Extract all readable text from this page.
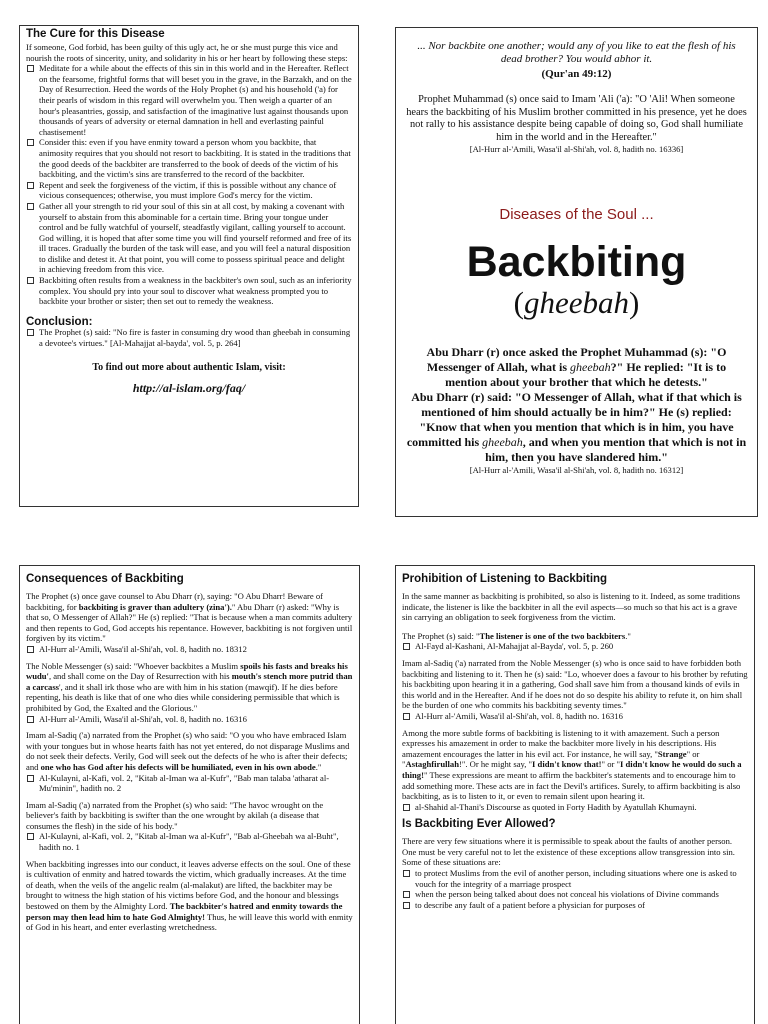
The Cure for this Disease

If someone, God forbid, has been guilty of this ugly act, he or she must purge this vice and nourish the roots of sincerity, unity, and solidarity in his or her heart by following these steps:

Meditate for a while about the effects of this sin in this world and in the Hereafter. Reflect on the fearsome, frightful forms that will beset you in the grave, in the Barzakh, and on the Day of Resurrection. Heed the words of the Holy Prophet (s) and his household ('a) for their pearls of wisdom in this regard will overwhelm you. Then weigh a quarter of an hour's pleasantries, gossip, and satisfaction of the imaginative lust against thousands upon thousands of years of adversity or eternal damnation in hell and everlasting painful chastisement!
Consider this: even if you have enmity toward a person whom you backbite, that animosity requires that you should not resort to backbiting. It is stated in the traditions that the good deeds of the backbiter are transferred to the book of deeds of the victim of his backbiting, and the victim's sins are transferred to the record of the backbiter.
Repent and seek the forgiveness of the victim, if this is possible without any chance of vicious consequences; otherwise, you must implore God's mercy for the victim.
Gather all your strength to rid your soul of this sin at all cost, by making a covenant with yourself to abstain from this abominable for a certain time. Bring your tongue under control and be fully watchful of yourself, steadfastly vigilant, calling yourself to account. God willing, it is hoped that after some time you will find yourself reformed and free of its ill traces. Gradually the burden of the task will ease, and you will feel a natural disposition to dislike and detest it. At that point, you will come to possess spiritual peace and delight in achieving freedom from this vice.
Backbiting often results from a weakness in the backbiter's own soul, such as an inferiority complex. You should pry into your soul to discover what weakness prompted you to backbite your brother or sister; then set out to remedy the weakness.
Conclusion:
The Prophet (s) said: "No fire is faster in consuming dry wood than gheebah in consuming a devotee's virtues." [Al-Mahajjat al-bayda', vol. 5, p. 264]
To find out more about authentic Islam, visit:
http://al-islam.org/faq/

... Nor backbite one another; would any of you like to eat the flesh of his dead brother? You would abhor it.

(Qur'an 49:12)

Prophet Muhammad (s) once said to Imam 'Ali ('a): "O 'Ali! When someone hears the backbiting of his Muslim brother committed in his presence, yet he does not rally to his assistance despite being capable of doing so, God shall humiliate him in the world and in the Hereafter."

[Al-Hurr al-'Amili, Wasa'il al-Shi'ah, vol. 8, hadith no. 16336]

Diseases of the Soul ...
Backbiting
(gheebah)

Abu Dharr (r) once asked the Prophet Muhammad (s): "O Messenger of Allah, what is gheebah?" He replied: "It is to mention about your brother that which he detests."
Abu Dharr (r) said: "O Messenger of Allah, what if that which is mentioned of him should actually be in him?" He (s) replied: "Know that when you mention that which is in him, you have committed his gheebah, and when you mention that which is not in him, then you have slandered him."

[Al-Hurr al-'Amili, Wasa'il al-Shi'ah, vol. 8, hadith no. 16312]

Consequences of Backbiting

The Prophet (s) once gave counsel to Abu Dharr (r), saying: "O Abu Dharr! Beware of backbiting, for backbiting is graver than adultery (zina')." Abu Dharr (r) asked: "Why is that so, O Messenger of Allah?" He (s) replied: "That is because when a man commits adultery and then repents to God, God accepts his repentance. However, backbiting is not forgiven until forgiven by its victim."

Al-Hurr al-'Amili, Wasa'il al-Shi'ah, vol. 8, hadith no. 18312

The Noble Messenger (s) said: "Whoever backbites a Muslim spoils his fasts and breaks his wudu', and shall come on the Day of Resurrection with his mouth's stench more putrid than a carcass', and it shall irk those who are with him in his station (mawqif). If he dies before repenting, his death is like that of one who dies while considering permissible that which is prohibited by God, the Exalted and the Glorious."

Al-Hurr al-'Amili, Wasa'il al-Shi'ah, vol. 8, hadith no. 16316

Imam al-Sadiq ('a) narrated from the Prophet (s) who said: "O you who have embraced Islam with your tongues but in whose hearts faith has not yet entered, do not disparage Muslims and do not seek their defects. Verily, God will seek out the defects of he who is after their defects; and one who has God after his defects will be humiliated, even in his own abode."

Al-Kulayni, al-Kafi, vol. 2, "Kitab al-Iman wa al-Kufr", "Bab man talaba 'atharat al-Mu'minin", hadith no. 2

Imam al-Sadiq ('a) narrated from the Prophet (s) who said: "The havoc wrought on the believer's faith by backbiting is swifter than the one wrought by akilah (a disease that consumes the flesh) in the side of his body."

Al-Kulayni, al-Kafi, vol. 2, "Kitab al-Iman wa al-Kufr", "Bab al-Gheebah wa al-Buht", hadith no. 1

When backbiting ingresses into our conduct, it leaves adverse effects on the soul. One of these is cultivation of enmity and hatred towards the victim, which gradually increases. At the time of death, when the veils of the angelic realm (al-malakut) are lifted, the backbiter may be brought to witness the high station of his victims before God, and the honour and blessings bestowed on them by the Almighty Lord. The backbiter's hatred and enmity towards the person may then lead him to hate God Almighty! Thus, he will leave this world with enmity of God in his heart, and enter everlasting wretchedness.

Prohibition of Listening to Backbiting

In the same manner as backbiting is prohibited, so also is listening to it. Indeed, as some traditions indicate, the listener is like the backbiter in all the evil aspects—so much so that his act is a grave sin carrying an obligation to seek forgiveness from the victim.

The Prophet (s) said: "The listener is one of the two backbiters."

Al-Fayd al-Kashani, Al-Mahajjat al-Bayda', vol. 5, p. 260

Imam al-Sadiq ('a) narrated from the Noble Messenger (s) who is once said to have forbidden both backbiting and listening to it. Then he (s) said: "Lo, whoever does a favour to his brother by refuting his backbiting upon hearing it in a gathering, God shall save him from a thousand kinds of evils in this world and in the Hereafter. And if he does not do so despite his ability to refute it, on him shall be the burden of one who commits his backbiting seventy times."

Al-Hurr al-'Amili, Wasa'il al-Shi'ah, vol. 8, hadith no. 16316

Among the more subtle forms of backbiting is listening to it with amazement. Such a person expresses his amazement in order to make the backbiter more lively in his descriptions. His amazement encourages the latter in his evil act. For instance, he will say, "Strange" or "Astaghfirullah!". Or he might say, "I didn't know that!" or "I didn't know he would do such a thing!" These expressions are meant to affirm the backbiter's statements and to encourage him to add something more. These acts are in fact the Devil's artifices. Surely, to affirm backbiting is also backbiting, as is to listen to it, or even to remain silent upon hearing it.

al-Shahid al-Thani's Discourse as quoted in Forty Hadith by Ayatullah Khumayni.
Is Backbiting Ever Allowed?

There are very few situations where it is permissible to speak about the faults of another person. One must be very careful not to let the existence of these exceptions allow transgression into sin. Some of these situations are:

to protect Muslims from the evil of another person, including situations where one is asked to vouch for the integrity of a marriage prospect
when the person being talked about does not conceal his violations of Divine commands
to describe any fault of a patient before a physician for purposes of
